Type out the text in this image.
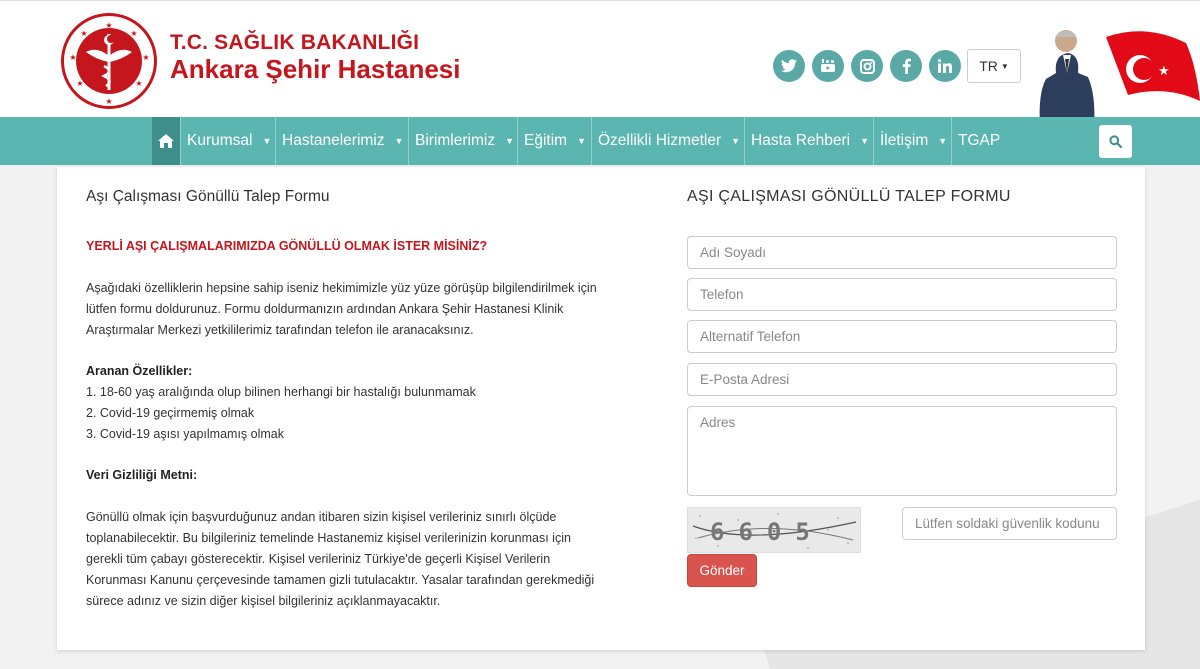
★
★
★
★
★
★
★
★
T.C. SAĞLIK BAKANLIĞI
Ankara Şehir Hastanesi	TR ▼	★
Kurumsal ▼ Hastanelerimiz ▼ Birimlerimiz ▼ Eğitim ▼ Özellikli Hizmetler ▼ Hasta Rehberi ▼ İletişim ▼ TGAP
Aşı Çalışması Gönüllü Talep Formu
YERLİ AŞI ÇALIŞMALARIMIZDA GÖNÜLLÜ OLMAK İSTER MİSİNİZ?
Aşağıdaki özelliklerin hepsine sahip iseniz hekimimizle yüz yüze görüşüp bilgilendirilmek için
lütfen formu doldurunuz. Formu doldurmanızın ardından Ankara Şehir Hastanesi Klinik
Araştırmalar Merkezi yetkililerimiz tarafından telefon ile aranacaksınız.
Aranan Özellikler:
1. 18-60 yaş aralığında olup bilinen herhangi bir hastalığı bulunmamak
2. Covid-19 geçirmemiş olmak
3. Covid-19 aşısı yapılmamış olmak
Veri Gizliliği Metni:
Gönüllü olmak için başvurduğunuz andan itibaren sizin kişisel verileriniz sınırlı ölçüde
toplanabilecektir. Bu bilgileriniz temelinde Hastanemiz kişisel verilerinizin korunması için
gerekli tüm çabayı gösterecektir. Kişisel verileriniz Türkiye'de geçerli Kişisel Verilerin
Korunması Kanunu çerçevesinde tamamen gizli tutulacaktır. Yasalar tarafından gerekmediği
sürece adınız ve sizin diğer kişisel bilgileriniz açıklanmayacaktır.
AŞI ÇALIŞMASI GÖNÜLLÜ TALEP FORMU
Adı Soyadı
Telefon
Alternatif Telefon
E-Posta Adresi
Adres
6605
Lütfen soldaki güvenlik kodunu giriniz
Gönder
